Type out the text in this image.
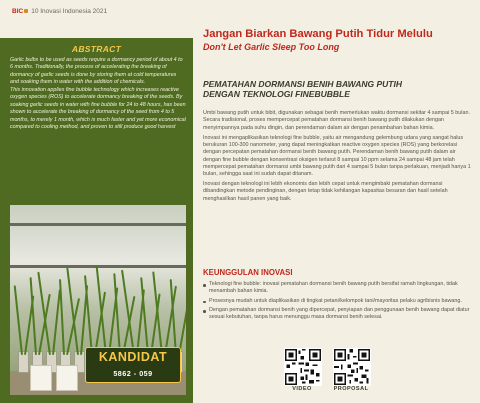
BIC 10 Inovasi Indonesia 2021
ABSTRACT

Garlic bulbs to be used as seeds require a dormancy period of about 4 to 6 months. Traditionally, the process of accelerating the breaking of dormancy of garlic seeds is done by storing them at cold temperatures and soaking them in water with the addition of chemicals.

This innovation applies fine bubble technology which increases reactive oxygen species (ROS) to accelerate dormancy breaking of the seeds. By soaking garlic seeds in water with fine bubble for 24 to 48 hours, has been shown to accelerate the breaking of dormancy of the seed from 4 to 5 months, to merely 1 month, which is much faster and yet more economical compared to cooling method, and proven to still produce good harvest

KANDIDAT
5862 - 059
Jangan Biarkan Bawang Putih Tidur Melulu
Don't Let Garlic Sleep Too Long
PEMATAHAN DORMANSI BENIH BAWANG PUTIH
DENGAN TEKNOLOGI FINEBUBBLE

Umbi bawang putih untuk bibit, digunakan sebagai benih memerlukan waktu dormansi sekitar 4 sampai 5 bulan. Secara tradisional, proses mempercepat pematahan dormansi benih bawang putih dilakukan dengan menyimpannya pada suhu dingin, dan perendaman dalam air dengan penambahan bahan kimia.

Inovasi ini mengaplikasikan teknologi fine bubble, yaitu air mengandung gelembung udara yang sangat halus berukuran 100-300 nanometer, yang dapat meningkatkan reactive oxygen species (ROS) yang berkorelasi dengan percepatan pematahan dormansi benih bawang putih. Perendaman benih bawang putih dalam air dengan fine bubble dengan konsentrasi oksigen terlarut 8 sampai 10 ppm selama 24 sampai 48 jam telah mempercepat pematahan dormansi umbi bawang putih dari 4 sampai 5 bulan tanpa perlakuan, menjadi hanya 1 bulan, sehingga saat ini sudah dapat ditanam.

Inovasi dengan teknologi ini lebih ekonomis dan lebih cepat untuk mengimbaki pematahan dormansi dibandingkan metode pendinginan, dengan tetap tidak kehilangan kapasitas besaran dan hasil setelah menghasilkan hasil panen yang baik.

KEUNGGULAN INOVASI
Teknologi fine bubble: inovasi pematahan dormansi benih bawang putih bersifat ramah lingkungan, tidak menambah bahan kimia.
Prosesnya mudah untuk diaplikasikan di tingkat petani/kelompok tani/mayoritas pelaku agribisnis bawang.
Dengan pematahan dormansi benih yang dipercepat, penyiapan dan penggunaan benih bawang dapat diatur sesuai kebutuhan, tanpa harus menunggu masa dormansi benih selesai.
VIDEO	PROPOSAL
